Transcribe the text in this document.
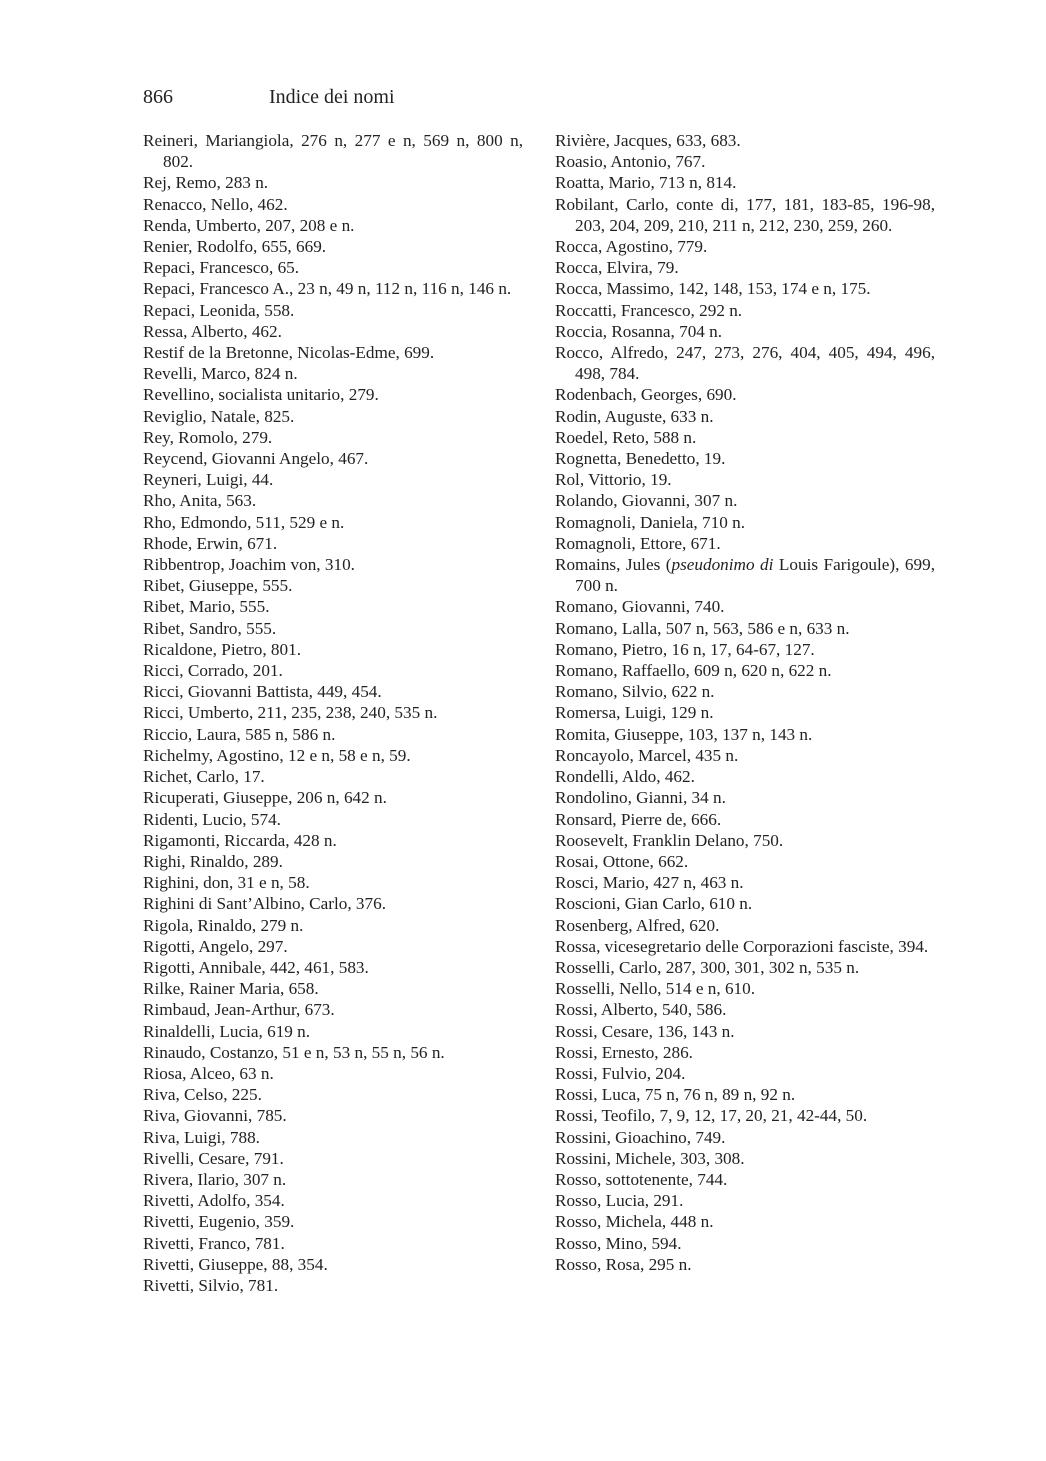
866	Indice dei nomi

Reineri, Mariangiola, 276 n, 277 e n, 569 n, 800 n, 802.

Rej, Remo, 283 n.

Renacco, Nello, 462.

Renda, Umberto, 207, 208 e n.

Renier, Rodolfo, 655, 669.

Repaci, Francesco, 65.

Repaci, Francesco A., 23 n, 49 n, 112 n, 116 n, 146 n.

Repaci, Leonida, 558.

Ressa, Alberto, 462.

Restif de la Bretonne, Nicolas-Edme, 699.

Revelli, Marco, 824 n.

Revellino, socialista unitario, 279.

Reviglio, Natale, 825.

Rey, Romolo, 279.

Reycend, Giovanni Angelo, 467.

Reyneri, Luigi, 44.

Rho, Anita, 563.

Rho, Edmondo, 511, 529 e n.

Rhode, Erwin, 671.

Ribbentrop, Joachim von, 310.

Ribet, Giuseppe, 555.

Ribet, Mario, 555.

Ribet, Sandro, 555.

Ricaldone, Pietro, 801.

Ricci, Corrado, 201.

Ricci, Giovanni Battista, 449, 454.

Ricci, Umberto, 211, 235, 238, 240, 535 n.

Riccio, Laura, 585 n, 586 n.

Richelmy, Agostino, 12 e n, 58 e n, 59.

Richet, Carlo, 17.

Ricuperati, Giuseppe, 206 n, 642 n.

Ridenti, Lucio, 574.

Rigamonti, Riccarda, 428 n.

Righi, Rinaldo, 289.

Righini, don, 31 e n, 58.

Righini di Sant’Albino, Carlo, 376.

Rigola, Rinaldo, 279 n.

Rigotti, Angelo, 297.

Rigotti, Annibale, 442, 461, 583.

Rilke, Rainer Maria, 658.

Rimbaud, Jean-Arthur, 673.

Rinaldelli, Lucia, 619 n.

Rinaudo, Costanzo, 51 e n, 53 n, 55 n, 56 n.

Riosa, Alceo, 63 n.

Riva, Celso, 225.

Riva, Giovanni, 785.

Riva, Luigi, 788.

Rivelli, Cesare, 791.

Rivera, Ilario, 307 n.

Rivetti, Adolfo, 354.

Rivetti, Eugenio, 359.

Rivetti, Franco, 781.

Rivetti, Giuseppe, 88, 354.

Rivetti, Silvio, 781.

Rivière, Jacques, 633, 683.

Roasio, Antonio, 767.

Roatta, Mario, 713 n, 814.

Robilant, Carlo, conte di, 177, 181, 183-85, 196-98, 203, 204, 209, 210, 211 n, 212, 230, 259, 260.

Rocca, Agostino, 779.

Rocca, Elvira, 79.

Rocca, Massimo, 142, 148, 153, 174 e n, 175.

Roccatti, Francesco, 292 n.

Roccia, Rosanna, 704 n.

Rocco, Alfredo, 247, 273, 276, 404, 405, 494, 496, 498, 784.

Rodenbach, Georges, 690.

Rodin, Auguste, 633 n.

Roedel, Reto, 588 n.

Rognetta, Benedetto, 19.

Rol, Vittorio, 19.

Rolando, Giovanni, 307 n.

Romagnoli, Daniela, 710 n.

Romagnoli, Ettore, 671.

Romains, Jules (pseudonimo di Louis Farigoule), 699, 700 n.

Romano, Giovanni, 740.

Romano, Lalla, 507 n, 563, 586 e n, 633 n.

Romano, Pietro, 16 n, 17, 64-67, 127.

Romano, Raffaello, 609 n, 620 n, 622 n.

Romano, Silvio, 622 n.

Romersa, Luigi, 129 n.

Romita, Giuseppe, 103, 137 n, 143 n.

Roncayolo, Marcel, 435 n.

Rondelli, Aldo, 462.

Rondolino, Gianni, 34 n.

Ronsard, Pierre de, 666.

Roosevelt, Franklin Delano, 750.

Rosai, Ottone, 662.

Rosci, Mario, 427 n, 463 n.

Roscioni, Gian Carlo, 610 n.

Rosenberg, Alfred, 620.

Rossa, vicesegretario delle Corporazioni fasciste, 394.

Rosselli, Carlo, 287, 300, 301, 302 n, 535 n.

Rosselli, Nello, 514 e n, 610.

Rossi, Alberto, 540, 586.

Rossi, Cesare, 136, 143 n.

Rossi, Ernesto, 286.

Rossi, Fulvio, 204.

Rossi, Luca, 75 n, 76 n, 89 n, 92 n.

Rossi, Teofilo, 7, 9, 12, 17, 20, 21, 42-44, 50.

Rossini, Gioachino, 749.

Rossini, Michele, 303, 308.

Rosso, sottotenente, 744.

Rosso, Lucia, 291.

Rosso, Michela, 448 n.

Rosso, Mino, 594.

Rosso, Rosa, 295 n.
